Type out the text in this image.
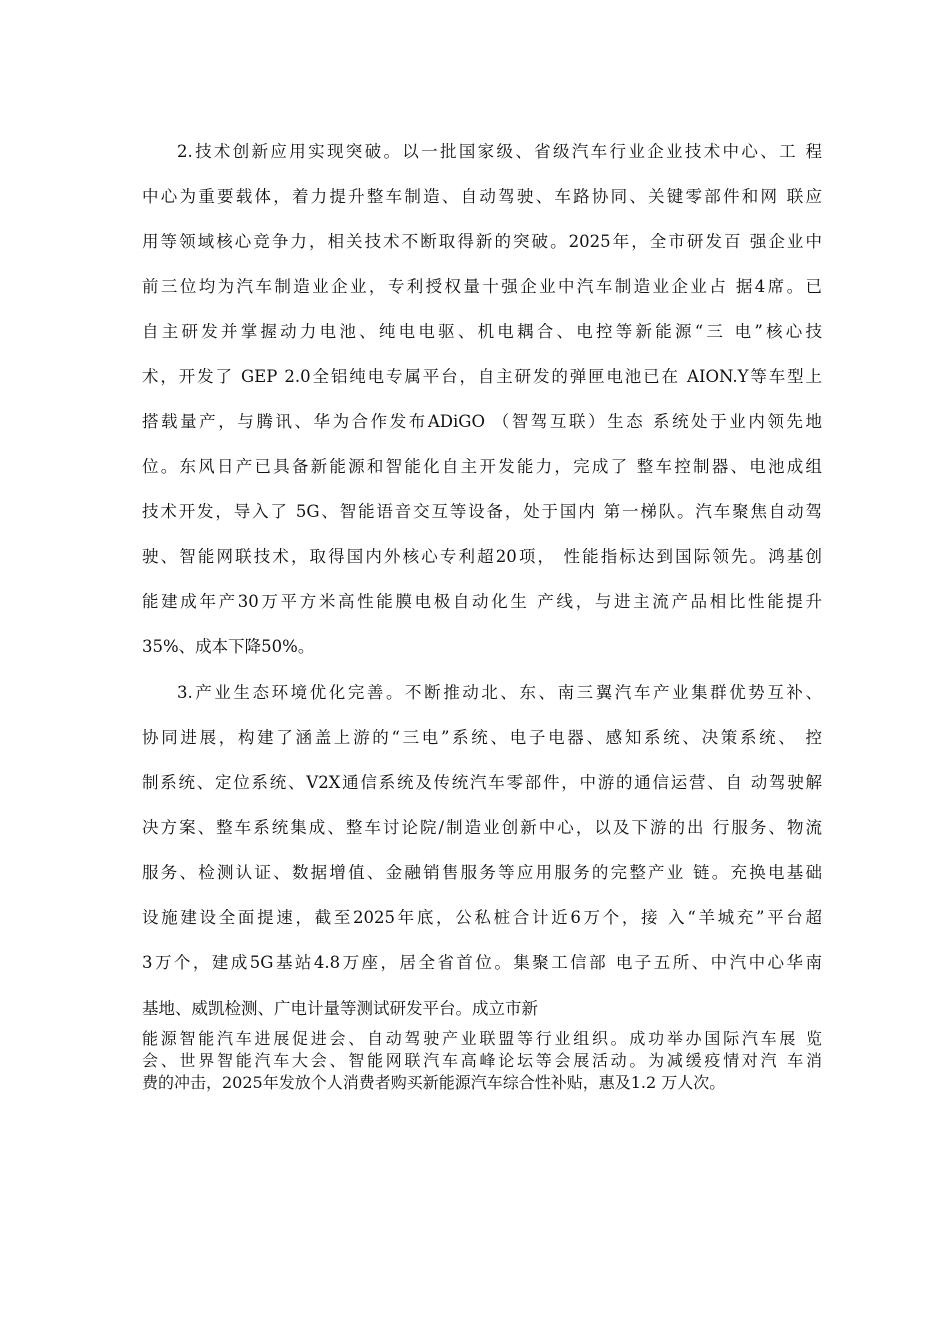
2.技术创新应用实现突破。以一批国家级、省级汽车行业企业技术中心、工 程
中心为重要载体，着力提升整车制造、自动驾驶、车路协同、关键零部件和网 联应
用等领域核心竞争力，相关技术不断取得新的突破。2025年，全市研发百 强企业中
前三位均为汽车制造业企业，专利授权量十强企业中汽车制造业企业占 据4席。已
自主研发并掌握动力电池、纯电电驱、机电耦合、电控等新能源“三 电”核心技
术，开发了 GEP 2.0全铝纯电专属平台，自主研发的弹匣电池已在 AION.Y等车型上
搭载量产，与腾讯、华为合作发布ADiGO （智驾互联）生态 系统处于业内领先地
位。东风日产已具备新能源和智能化自主开发能力，完成了 整车控制器、电池成组
技术开发，导入了 5G、智能语音交互等设备，处于国内 第一梯队。汽车聚焦自动驾
驶、智能网联技术，取得国内外核心专利超20项， 性能指标达到国际领先。鸿基创
能建成年产30万平方米高性能膜电极自动化生 产线，与进主流产品相比性能提升
35%、成本下降50%。
3.产业生态环境优化完善。不断推动北、东、南三翼汽车产业集群优势互补、
协同进展，构建了涵盖上游的“三电”系统、电子电器、感知系统、决策系统、 控
制系统、定位系统、V2X通信系统及传统汽车零部件，中游的通信运营、自 动驾驶解
决方案、整车系统集成、整车讨论院/制造业创新中心，以及下游的出 行服务、物流
服务、检测认证、数据增值、金融销售服务等应用服务的完整产业 链。充换电基础
设施建设全面提速，截至2025年底，公私桩合计近6万个，接 入“羊城充”平台超
3万个，建成5G基站4.8万座，居全省首位。集聚工信部 电子五所、中汽中心华南
基地、威凯检测、广电计量等测试研发平台。成立市新
能源智能汽车进展促进会、自动驾驶产业联盟等行业组织。成功举办国际汽车展 览
会、世界智能汽车大会、智能网联汽车高峰论坛等会展活动。为减缓疫情对汽 车消
费的冲击，2025年发放个人消费者购买新能源汽车综合性补贴，惠及1.2 万人次。
